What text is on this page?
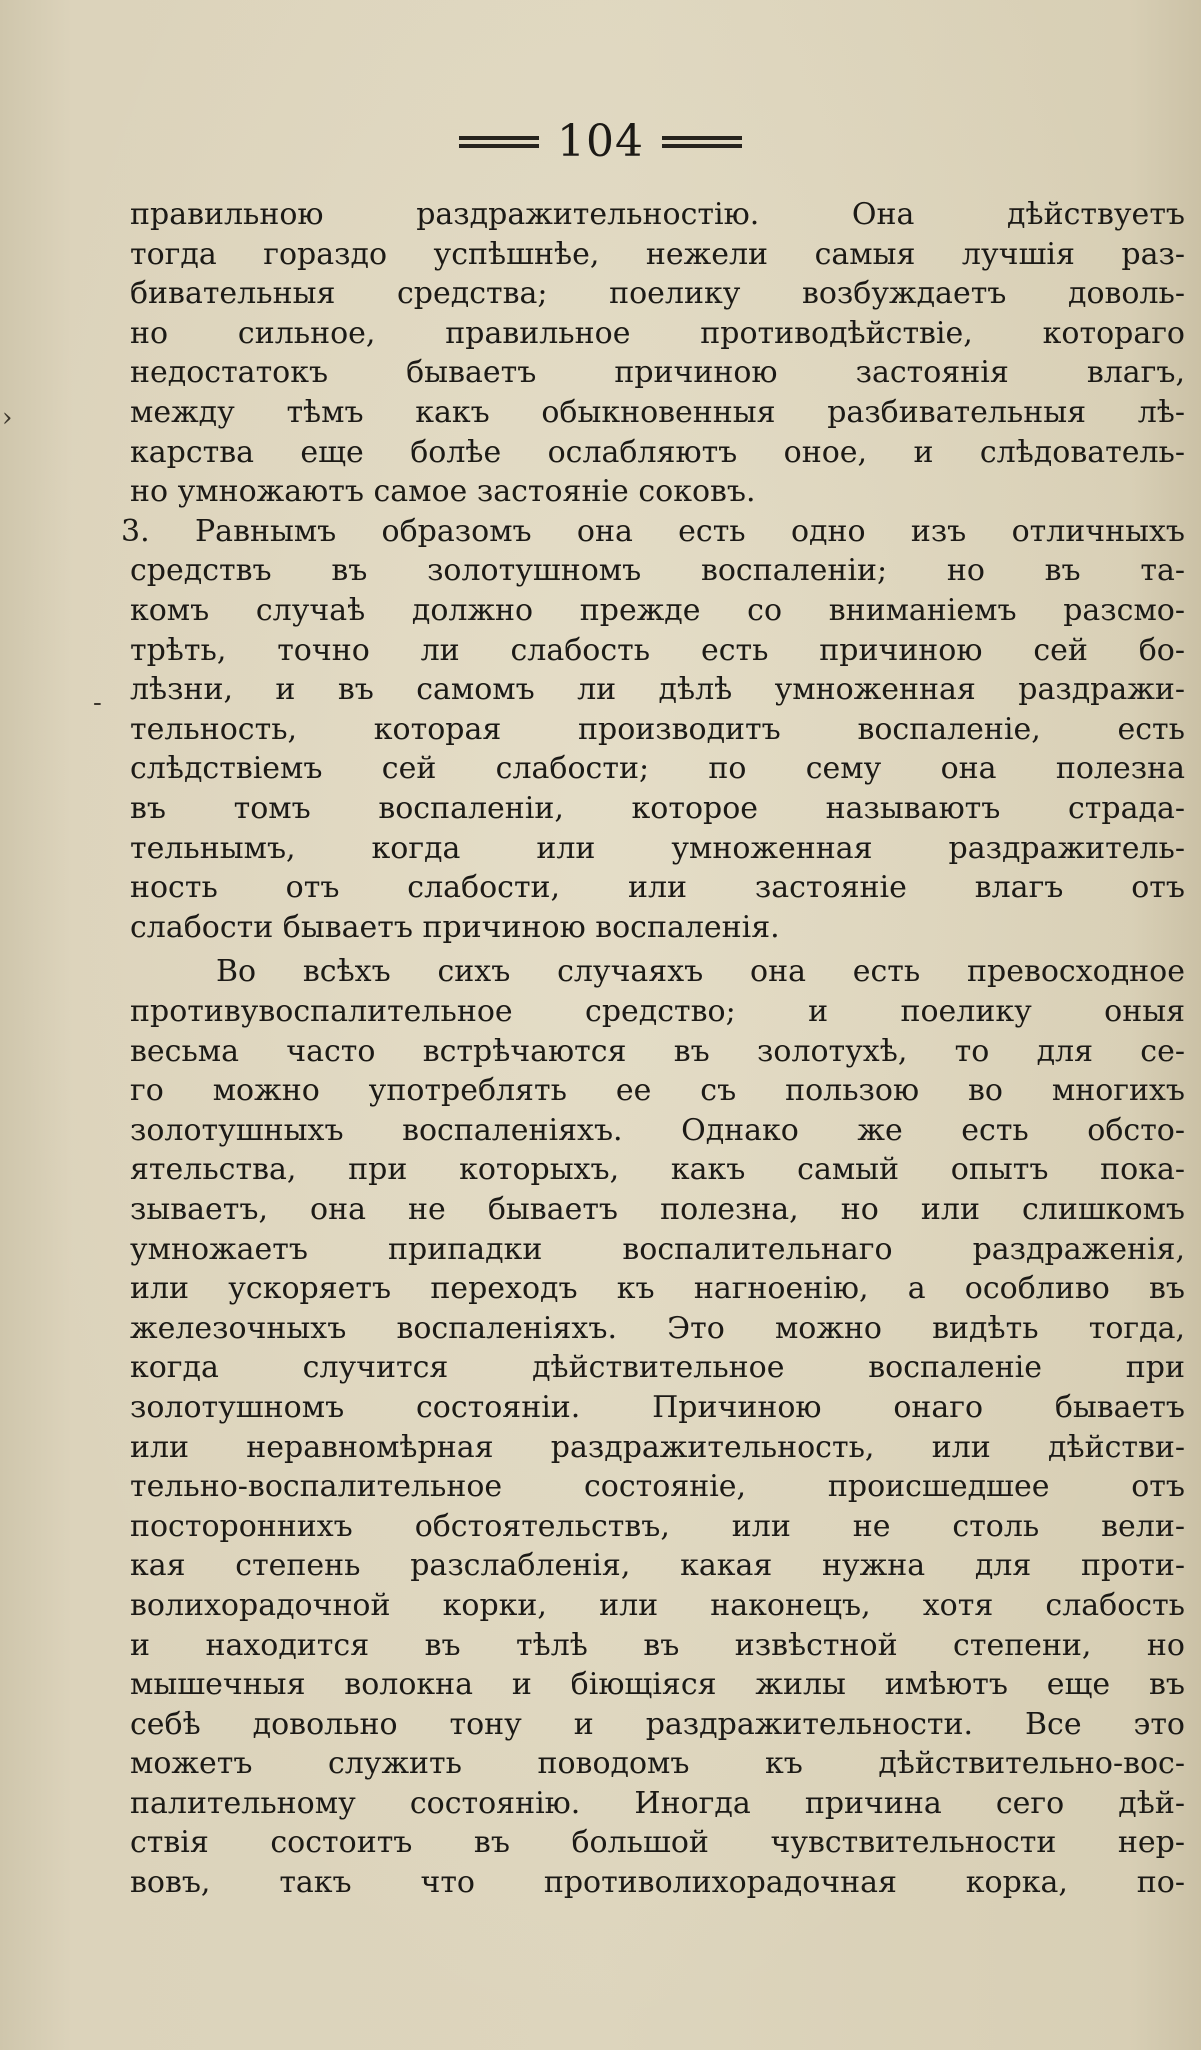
104
›
-
правильною раздражительностію. Она дѣйствуетъ
тогда гораздо успѣшнѣе, нежели самыя лучшія раз-
бивательныя средства; поелику возбуждаетъ доволь-
но сильное, правильное противодѣйствіе, котораго
недостатокъ бываетъ причиною застоянія влагъ,
между тѣмъ какъ обыкновенныя разбивательныя лѣ-
карства еще болѣе ослабляютъ оное, и слѣдователь-
но умножаютъ самое застояніе соковъ.
3.	Равнымъ образомъ она есть одно изъ отличныхъ
средствъ въ золотушномъ воспаленіи; но въ та-
комъ случаѣ должно прежде со вниманіемъ разсмо-
трѣть, точно ли слабость есть причиною сей бо-
лѣзни, и въ самомъ ли дѣлѣ умноженная раздражи-
тельность, которая производитъ воспаленіе, есть
слѣдствіемъ сей слабости; по сему она полезна
въ томъ воспаленіи, которое называютъ страда-
тельнымъ, когда или умноженная раздражитель-
ность отъ слабости, или застояніе влагъ отъ
слабости бываетъ причиною воспаленія.
Во всѣхъ сихъ случаяхъ она есть превосходное
противувоспалительное средство; и поелику оныя
весьма часто встрѣчаются въ золотухѣ, то для се-
го можно употреблять ее съ пользою во многихъ
золотушныхъ воспаленіяхъ. Однако же есть обсто-
ятельства, при которыхъ, какъ самый опытъ пока-
зываетъ, она не бываетъ полезна, но или слишкомъ
умножаетъ припадки воспалительнаго раздраженія,
или ускоряетъ переходъ къ нагноенію, а особливо въ
железочныхъ воспаленіяхъ. Это можно видѣть тогда,
когда случится дѣйствительное воспаленіе при
золотушномъ состояніи. Причиною онаго бываетъ
или неравномѣрная раздражительность, или дѣйстви-
тельно-воспалительное состояніе, происшедшее отъ
постороннихъ обстоятельствъ, или не столь вели-
кая степень разслабленія, какая нужна для проти-
волихорадочной корки, или наконецъ, хотя слабость
и находится въ тѣлѣ въ извѣстной степени, но
мышечныя волокна и біющіяся жилы имѣютъ еще въ
себѣ довольно тону и раздражительности. Все это
можетъ служить поводомъ къ дѣйствительно-вос-
палительному состоянію. Иногда причина сего дѣй-
ствія состоитъ въ большой чувствительности нер-
вовъ, такъ что противолихорадочная корка, по-
